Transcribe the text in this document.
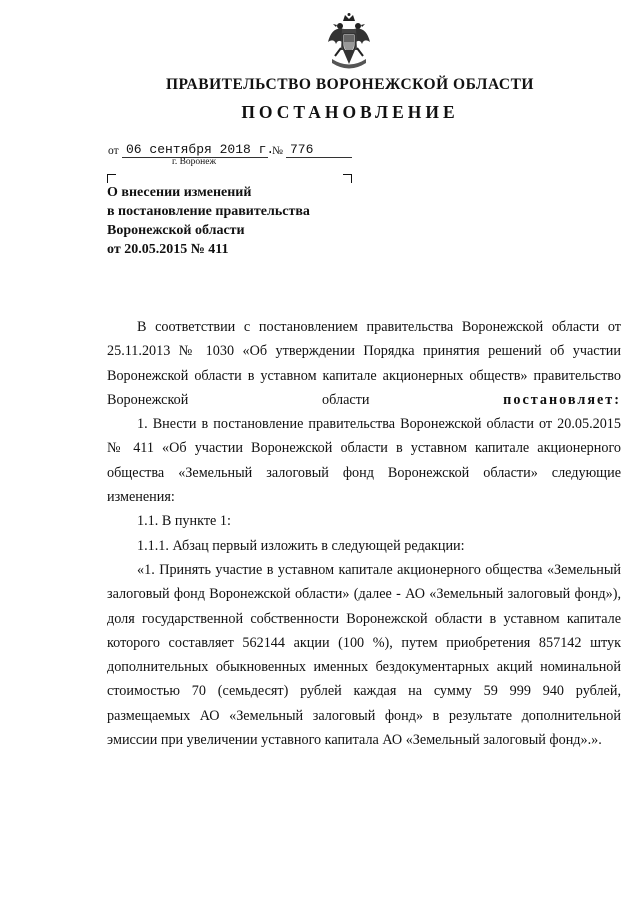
ПРАВИТЕЛЬСТВО ВОРОНЕЖСКОЙ ОБЛАСТИ
ПОСТАНОВЛЕНИЕ
от 06 сентября 2018 г.
№ 776
г. Воронеж
О внесении изменений
в постановление правительства
Воронежской области
от 20.05.2015 № 411

В соответствии с постановлением правительства Воронежской области от 25.11.2013 № 1030 «Об утверждении Порядка принятия решений об участии Воронежской области в уставном капитале акционерных обществ» правительство Воронежской области	постановляет:

1. Внести в постановление правительства Воронежской области от 20.05.2015 № 411 «Об участии Воронежской области в уставном капитале акционерного общества «Земельный залоговый фонд Воронежской области» следующие изменения:

1.1. В пункте 1:

1.1.1. Абзац первый изложить в следующей редакции:

«1. Принять участие в уставном капитале акционерного общества «Земельный залоговый фонд Воронежской области» (далее - АО «Земельный залоговый фонд»), доля государственной собственности Воронежской области в уставном капитале которого составляет 562144 акции (100 %), путем приобретения 857142 штук дополнительных обыкновенных именных бездокументарных акций номинальной стоимостью 70 (семьдесят) рублей каждая на сумму 59 999 940 рублей, размещаемых АО «Земельный залоговый фонд» в результате дополнительной эмиссии при увеличении уставного капитала АО «Земельный залоговый фонд».».
